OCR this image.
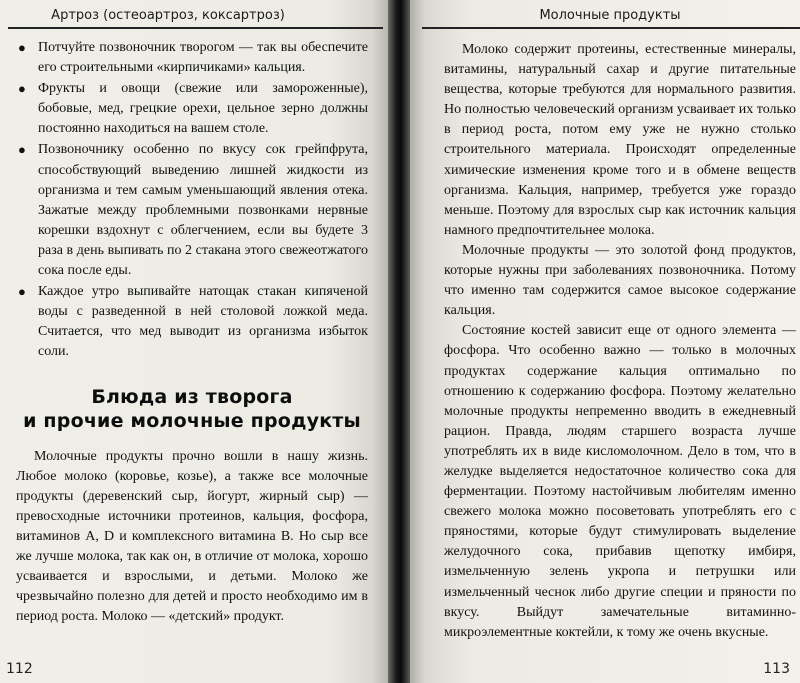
Артроз (остеоартроз, коксартроз)
● Потчуйте позвоночник творогом — так вы обеспечите его строительными «кирпичиками» кальция.
● Фрукты и овощи (свежие или замороженные), бобовые, мед, грецкие орехи, цельное зерно должны постоянно находиться на вашем столе.
● Позвоночнику особенно по вкусу сок грейпфрута, способствующий выведению лишней жидкости из организма и тем самым уменьшающий явления отека. Зажатые между проблемными позвонками нервные корешки вздохнут с облегчением, если вы будете 3 раза в день выпивать по 2 стакана этого свежеотжатого сока после еды.
● Каждое утро выпивайте натощак стакан кипяченой воды с разведенной в ней столовой ложкой меда. Считается, что мед выводит из организма избыток соли.
Блюда из творога
и прочие молочные продукты

Молочные продукты прочно вошли в нашу жизнь. Любое молоко (коровье, козье), а также все молочные продукты (деревенский сыр, йогурт, жирный сыр) — превосходные источники протеинов, кальция, фосфора, витаминов A, D и комплексного витамина B. Но сыр все же лучше молока, так как он, в отличие от молока, хорошо усваивается и взрослыми, и детьми. Молоко же чрезвычайно полезно для детей и просто необходимо им в период роста. Молоко — «детский» продукт.

112
Молочные продукты

Молоко содержит протеины, естественные минералы, витамины, натуральный сахар и другие питательные вещества, которые требуются для нормального развития. Но полностью человеческий организм усваивает их только в период роста, потом ему уже не нужно столько строительного материала. Происходят определенные химические изменения кроме того и в обмене веществ организма. Кальция, например, требуется уже гораздо меньше. Поэтому для взрослых сыр как источник кальция намного предпочтительнее молока.

Молочные продукты — это золотой фонд продуктов, которые нужны при заболеваниях позвоночника. Потому что именно там содержится самое высокое содержание кальция.

Состояние костей зависит еще от одного элемента — фосфора. Что особенно важно — только в молочных продуктах содержание кальция оптимально по отношению к содержанию фосфора. Поэтому желательно молочные продукты непременно вводить в ежедневный рацион. Правда, людям старшего возраста лучше употреблять их в виде кисломолочном. Дело в том, что в желудке выделяется недостаточное количество сока для ферментации. Поэтому настойчивым любителям именно свежего молока можно посоветовать употреблять его с пряностями, которые будут стимулировать выделение желудочного сока, прибавив щепотку имбиря, измельченную зелень укропа и петрушки или измельченный чеснок либо другие специи и пряности по вкусу. Выйдут замечательные витаминно-микроэлементные коктейли, к тому же очень вкусные.

113
